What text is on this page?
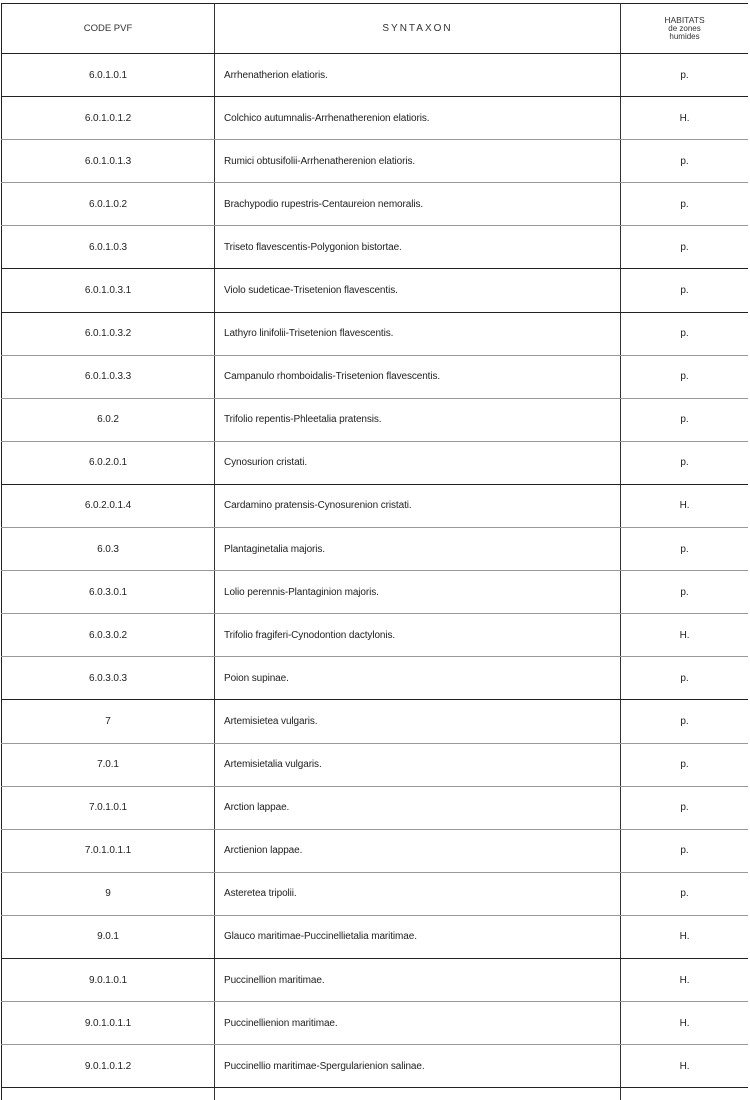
CODE PVF	SYNTAXON	HABITATS
de zones
humides

6.0.1.0.1	Arrhenatherion elatioris.	p.
6.0.1.0.1.2	Colchico autumnalis-Arrhenatherenion elatioris.	H.
6.0.1.0.1.3	Rumici obtusifolii-Arrhenatherenion elatioris.	p.
6.0.1.0.2	Brachypodio rupestris-Centaureion nemoralis.	p.
6.0.1.0.3	Triseto flavescentis-Polygonion bistortae.	p.
6.0.1.0.3.1	Violo sudeticae-Trisetenion flavescentis.	p.
6.0.1.0.3.2	Lathyro linifolii-Trisetenion flavescentis.	p.
6.0.1.0.3.3	Campanulo rhomboidalis-Trisetenion flavescentis.	p.
6.0.2	Trifolio repentis-Phleetalia pratensis.	p.
6.0.2.0.1	Cynosurion cristati.	p.
6.0.2.0.1.4	Cardamino pratensis-Cynosurenion cristati.	H.
6.0.3	Plantaginetalia majoris.	p.
6.0.3.0.1	Lolio perennis-Plantaginion majoris.	p.
6.0.3.0.2	Trifolio fragiferi-Cynodontion dactylonis.	H.
6.0.3.0.3	Poion supinae.	p.
7	Artemisietea vulgaris.	p.
7.0.1	Artemisietalia vulgaris.	p.
7.0.1.0.1	Arction lappae.	p.
7.0.1.0.1.1	Arctienion lappae.	p.
9	Asteretea tripolii.	p.
9.0.1	Glauco maritimae-Puccinellietalia maritimae.	H.
9.0.1.0.1	Puccinellion maritimae.	H.
9.0.1.0.1.1	Puccinellienion maritimae.	H.
9.0.1.0.1.2	Puccinellio maritimae-Spergularienion salinae.	H.
